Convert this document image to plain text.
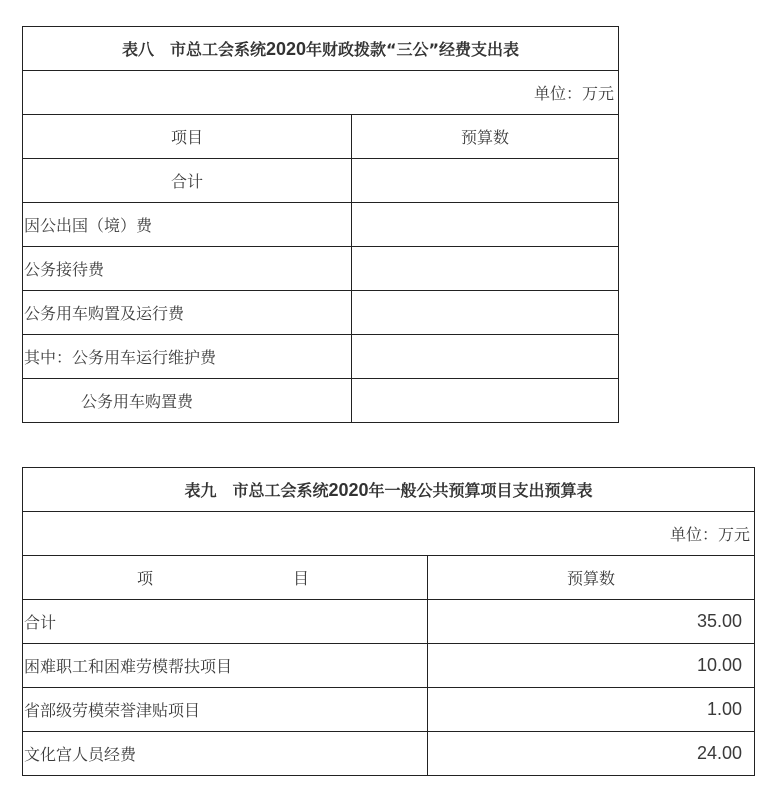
表八　市总工会系统2020年财政拨款“三公”经费支出表	
单位：万元	
项目	预算数
合计	
因公出国（境）费	
公务接待费	
公务用车购置及运行费	
其中：公务用车运行维护费	
公务用车购置费	
表九　市总工会系统2020年一般公共预算项目支出预算表	
单位：万元	
项 目	预算数
合计	35.00
困难职工和困难劳模帮扶项目	10.00
省部级劳模荣誉津贴项目	1.00
文化宫人员经费	24.00
